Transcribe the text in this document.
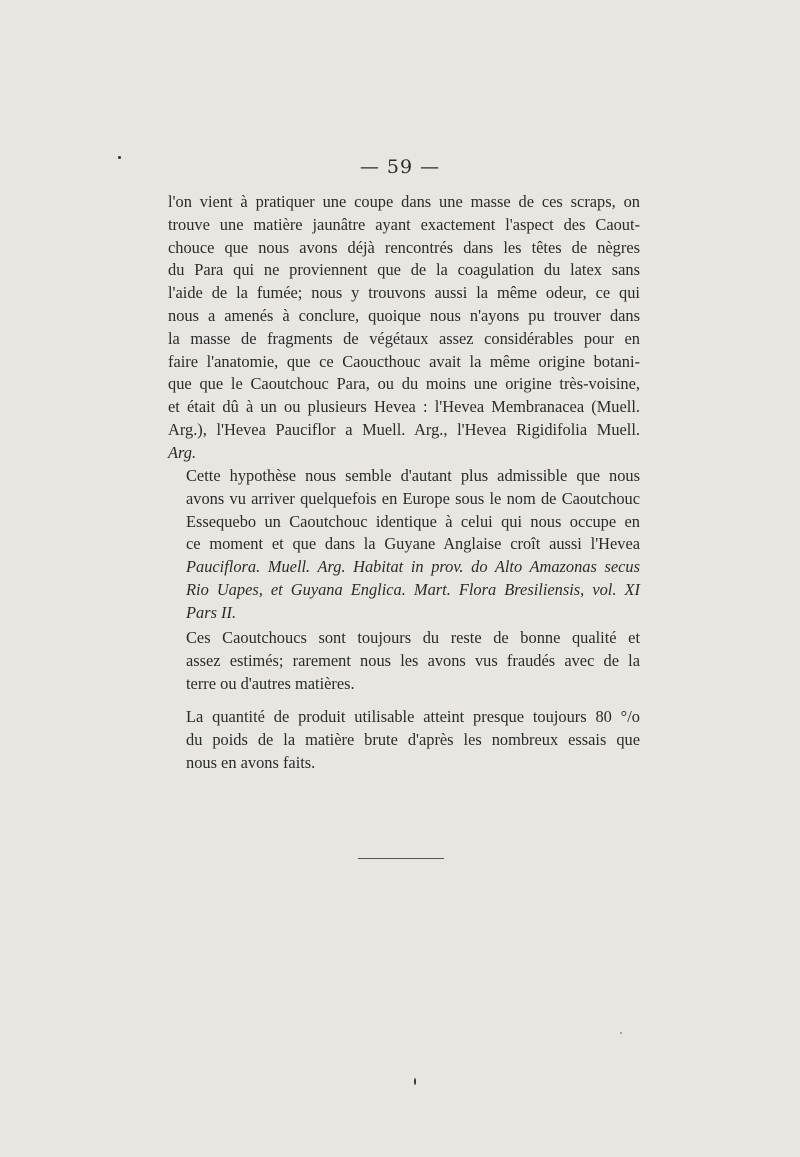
— 59 —
l'on vient à pratiquer une coupe dans une masse de ces scraps, on
trouve une matière jaunâtre ayant exactement l'aspect des Caout-
chouce que nous avons déjà rencontrés dans les têtes de nègres
du Para qui ne proviennent que de la coagulation du latex sans
l'aide de la fumée; nous y trouvons aussi la même odeur, ce qui
nous a amenés à conclure, quoique nous n'ayons pu trouver dans
la masse de fragments de végétaux assez considérables pour en
faire l'anatomie, que ce Caoucthouc avait la même origine botani-
que que le Caoutchouc Para, ou du moins une origine très-voisine,
et était dû à un ou plusieurs Hevea : l'Hevea Membranacea (Muell.
Arg.), l'Hevea Pauciflor a Muell. Arg., l'Hevea Rigidifolia Muell.
Arg.
Cette hypothèse nous semble d'autant plus admissible que nous
avons vu arriver quelquefois en Europe sous le nom de Caoutchouc
Essequebo un Caoutchouc identique à celui qui nous occupe en
ce moment et que dans la Guyane Anglaise croît aussi l'Hevea
Pauciflora. Muell. Arg. Habitat in prov. do Alto Amazonas secus
Rio Uapes, et Guyana Englica. Mart. Flora Bresiliensis, vol. XI
Pars II.
Ces Caoutchoucs sont toujours du reste de bonne qualité et
assez estimés; rarement nous les avons vus fraudés avec de la
terre ou d'autres matières.
La quantité de produit utilisable atteint presque toujours 80 °/o
du poids de la matière brute d'après les nombreux essais que
nous en avons faits.
